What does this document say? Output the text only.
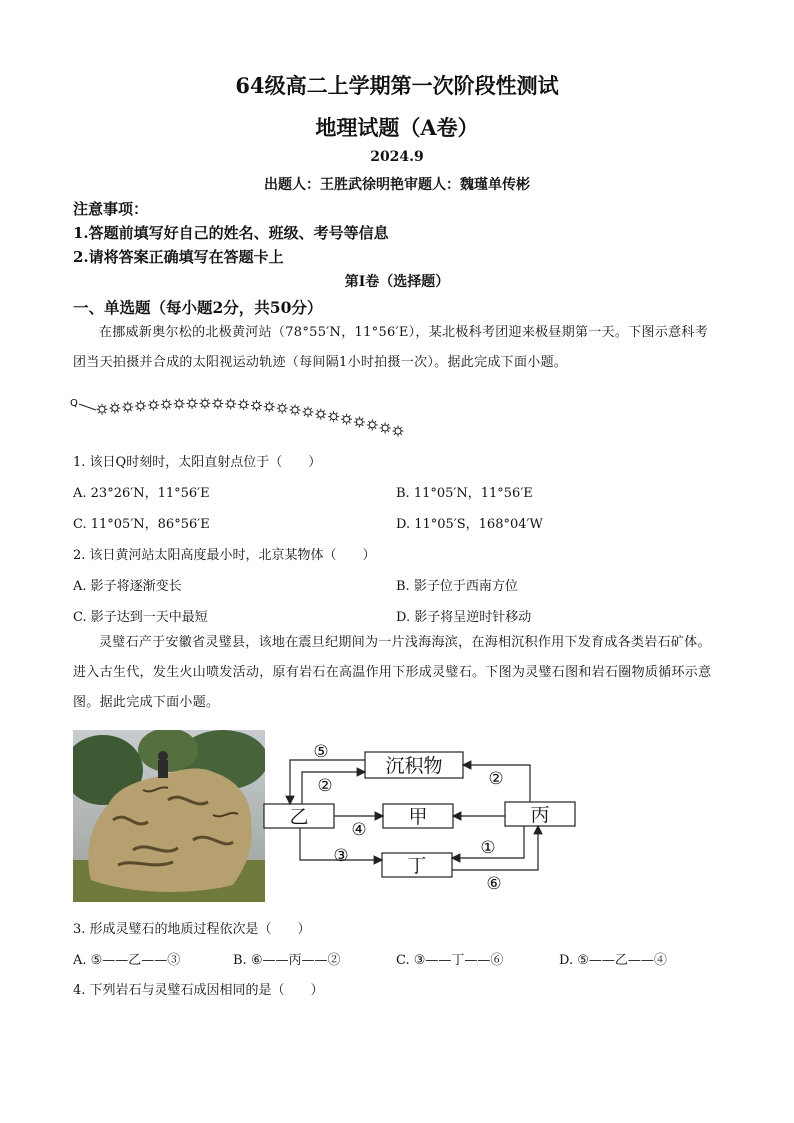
64级高二上学期第一次阶段性测试
地理试题（A卷）
2024.9
出题人：王胜武徐明艳审题人：魏瑾单传彬
注意事项：
1.答题前填写好自己的姓名、班级、考号等信息
2.请将答案正确填写在答题卡上
第Ⅰ卷（选择题）
一、单选题（每小题2分，共50分）
在挪威新奥尔松的北极黄河站（78°55′N，11°56′E），某北极科考团迎来极昼期第一天。下图示意科考团当天拍摄并合成的太阳视运动轨迹（每间隔1小时拍摄一次）。据此完成下面小题。
Q
1. 该日Q时刻时，太阳直射点位于（　　）
A. 23°26′N，11°56′E	B. 11°05′N，11°56′E
C. 11°05′N，86°56′E	D. 11°05′S，168°04′W
2. 该日黄河站太阳高度最小时，北京某物体（　　）
A. 影子将逐渐变长	B. 影子位于西南方位
C. 影子达到一天中最短	D. 影子将呈逆时针移动
灵璧石产于安徽省灵璧县，该地在震旦纪期间为一片浅海海滨，在海相沉积作用下发育成各类岩石矿体。进入古生代，发生火山喷发活动，原有岩石在高温作用下形成灵璧石。下图为灵璧石图和岩石圈物质循环示意图。据此完成下面小题。
沉积物
乙	甲	丙
丁
⑤
②	②
④
③	①
⑥
3. 形成灵璧石的地质过程依次是（　　）
A. ⑤——乙——③	B. ⑥——丙——②	C. ③——丁——⑥	D. ⑤——乙——④
4. 下列岩石与灵璧石成因相同的是（　　）
